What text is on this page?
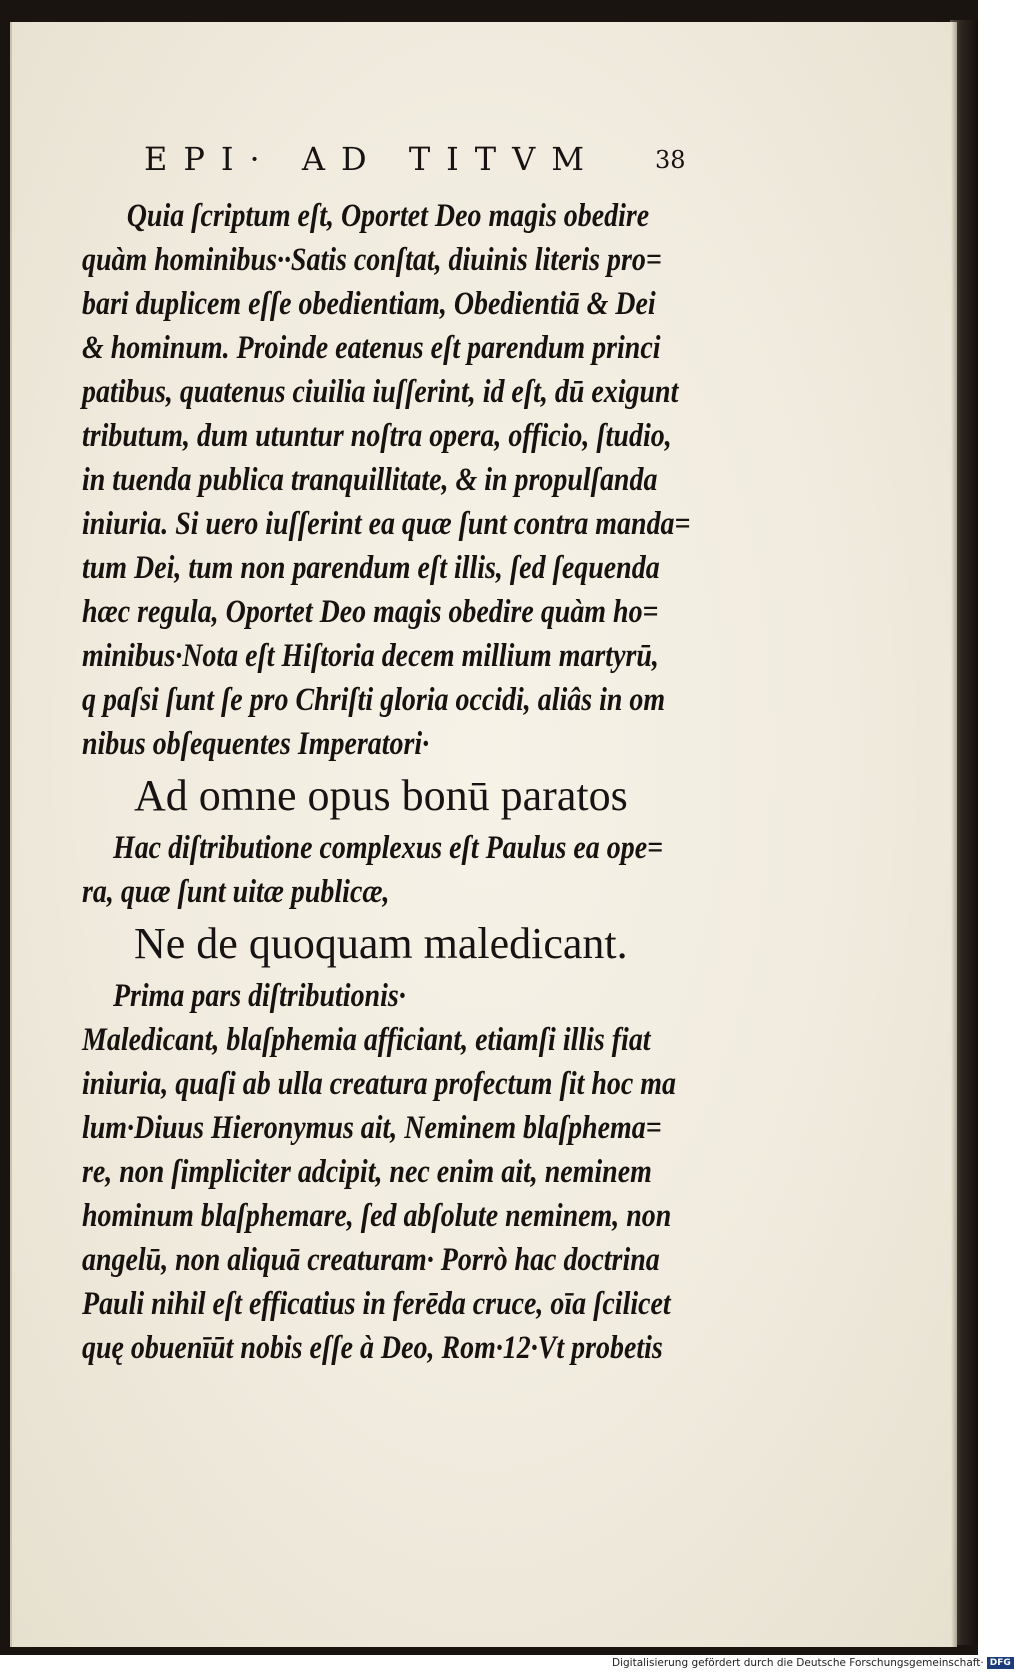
EPI· AD TITVM 38
Quia ſcriptum eſt, Oportet Deo magis obedire
quàm hominibus··Satis conſtat, diuinis literis pro=
bari duplicem eſſe obedientiam, Obedientiā & Dei
& hominum. Proinde eatenus eſt parendum princi
patibus, quatenus ciuilia iuſſerint, id eſt, dū exigunt
tributum, dum utuntur noſtra opera, officio, ſtudio,
in tuenda publica tranquillitate, & in propulſanda
iniuria. Si uero iuſſerint ea quæ ſunt contra manda=
tum Dei, tum non parendum eſt illis, ſed ſequenda
hæc regula, Oportet Deo magis obedire quàm ho=
minibus·Nota eſt Hiſtoria decem millium martyrū,
q paſsi ſunt ſe pro Chriſti gloria occidi, aliâs in om
nibus obſequentes Imperatori·
Ad omne opus bonū paratos
Hac diſtributione complexus eſt Paulus ea ope=
ra, quæ ſunt uitæ publicæ,
Ne de quoquam maledicant.
Prima pars diſtributionis·
Maledicant, blaſphemia afficiant, etiamſi illis fiat
iniuria, quaſi ab ulla creatura profectum ſit hoc ma
lum·Diuus Hieronymus ait, Neminem blaſphema=
re, non ſimpliciter adcipit, nec enim ait, neminem
hominum blaſphemare, ſed abſolute neminem, non
angelū, non aliquā creaturam· Porrò hac doctrina
Pauli nihil eſt efficatius in ferēda cruce, oīa ſcilicet
quę obuenīūt nobis eſſe à Deo, Rom·12·Vt probetis
Digitalisierung gefördert durch die Deutsche Forschungsgemeinschaft· DFG
